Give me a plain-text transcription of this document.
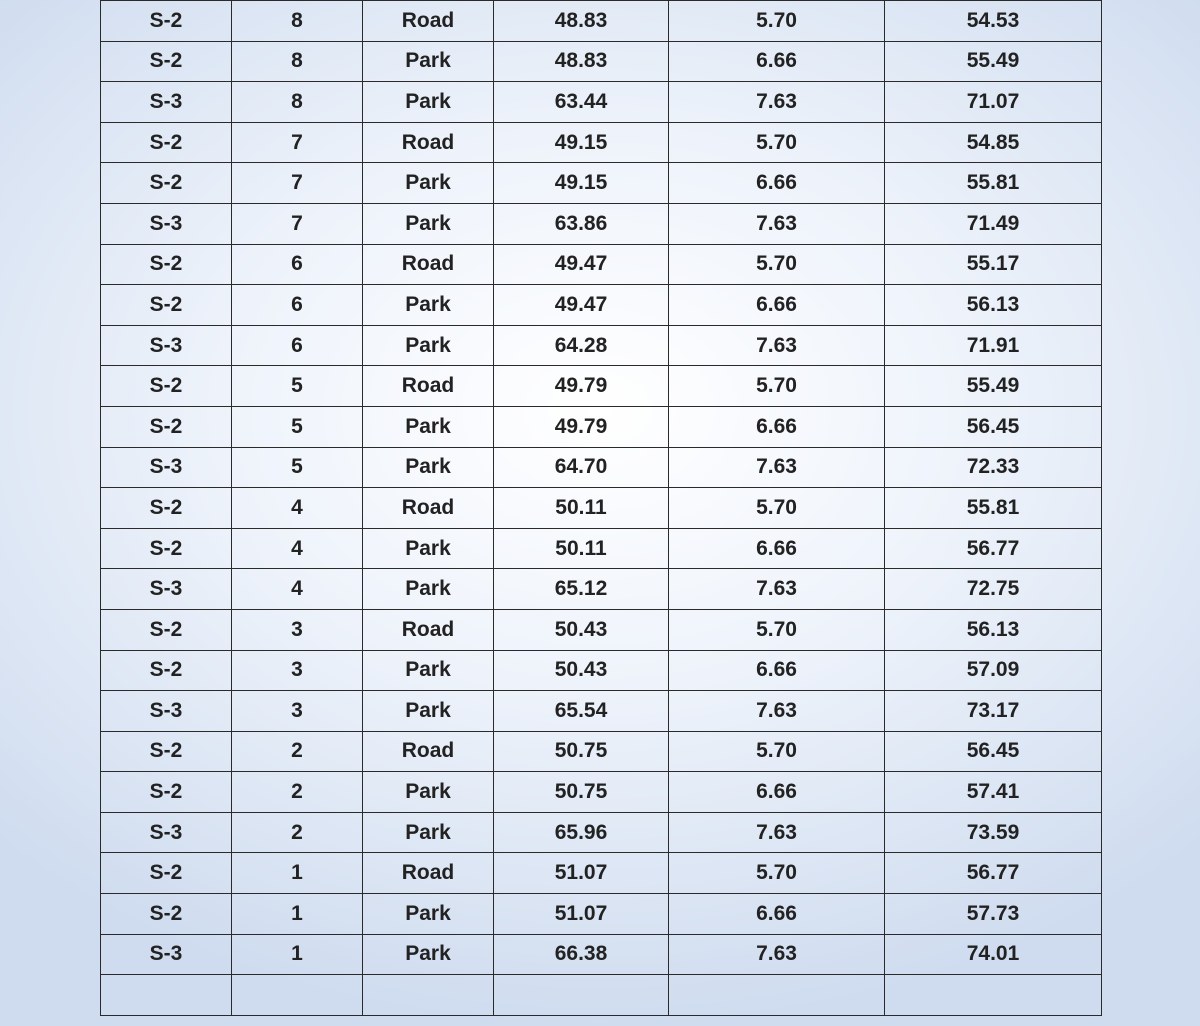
S-2	8	Road	48.83	5.70	54.53
S-2	8	Park	48.83	6.66	55.49
S-3	8	Park	63.44	7.63	71.07
S-2	7	Road	49.15	5.70	54.85
S-2	7	Park	49.15	6.66	55.81
S-3	7	Park	63.86	7.63	71.49
S-2	6	Road	49.47	5.70	55.17
S-2	6	Park	49.47	6.66	56.13
S-3	6	Park	64.28	7.63	71.91
S-2	5	Road	49.79	5.70	55.49
S-2	5	Park	49.79	6.66	56.45
S-3	5	Park	64.70	7.63	72.33
S-2	4	Road	50.11	5.70	55.81
S-2	4	Park	50.11	6.66	56.77
S-3	4	Park	65.12	7.63	72.75
S-2	3	Road	50.43	5.70	56.13
S-2	3	Park	50.43	6.66	57.09
S-3	3	Park	65.54	7.63	73.17
S-2	2	Road	50.75	5.70	56.45
S-2	2	Park	50.75	6.66	57.41
S-3	2	Park	65.96	7.63	73.59
S-2	1	Road	51.07	5.70	56.77
S-2	1	Park	51.07	6.66	57.73
S-3	1	Park	66.38	7.63	74.01
